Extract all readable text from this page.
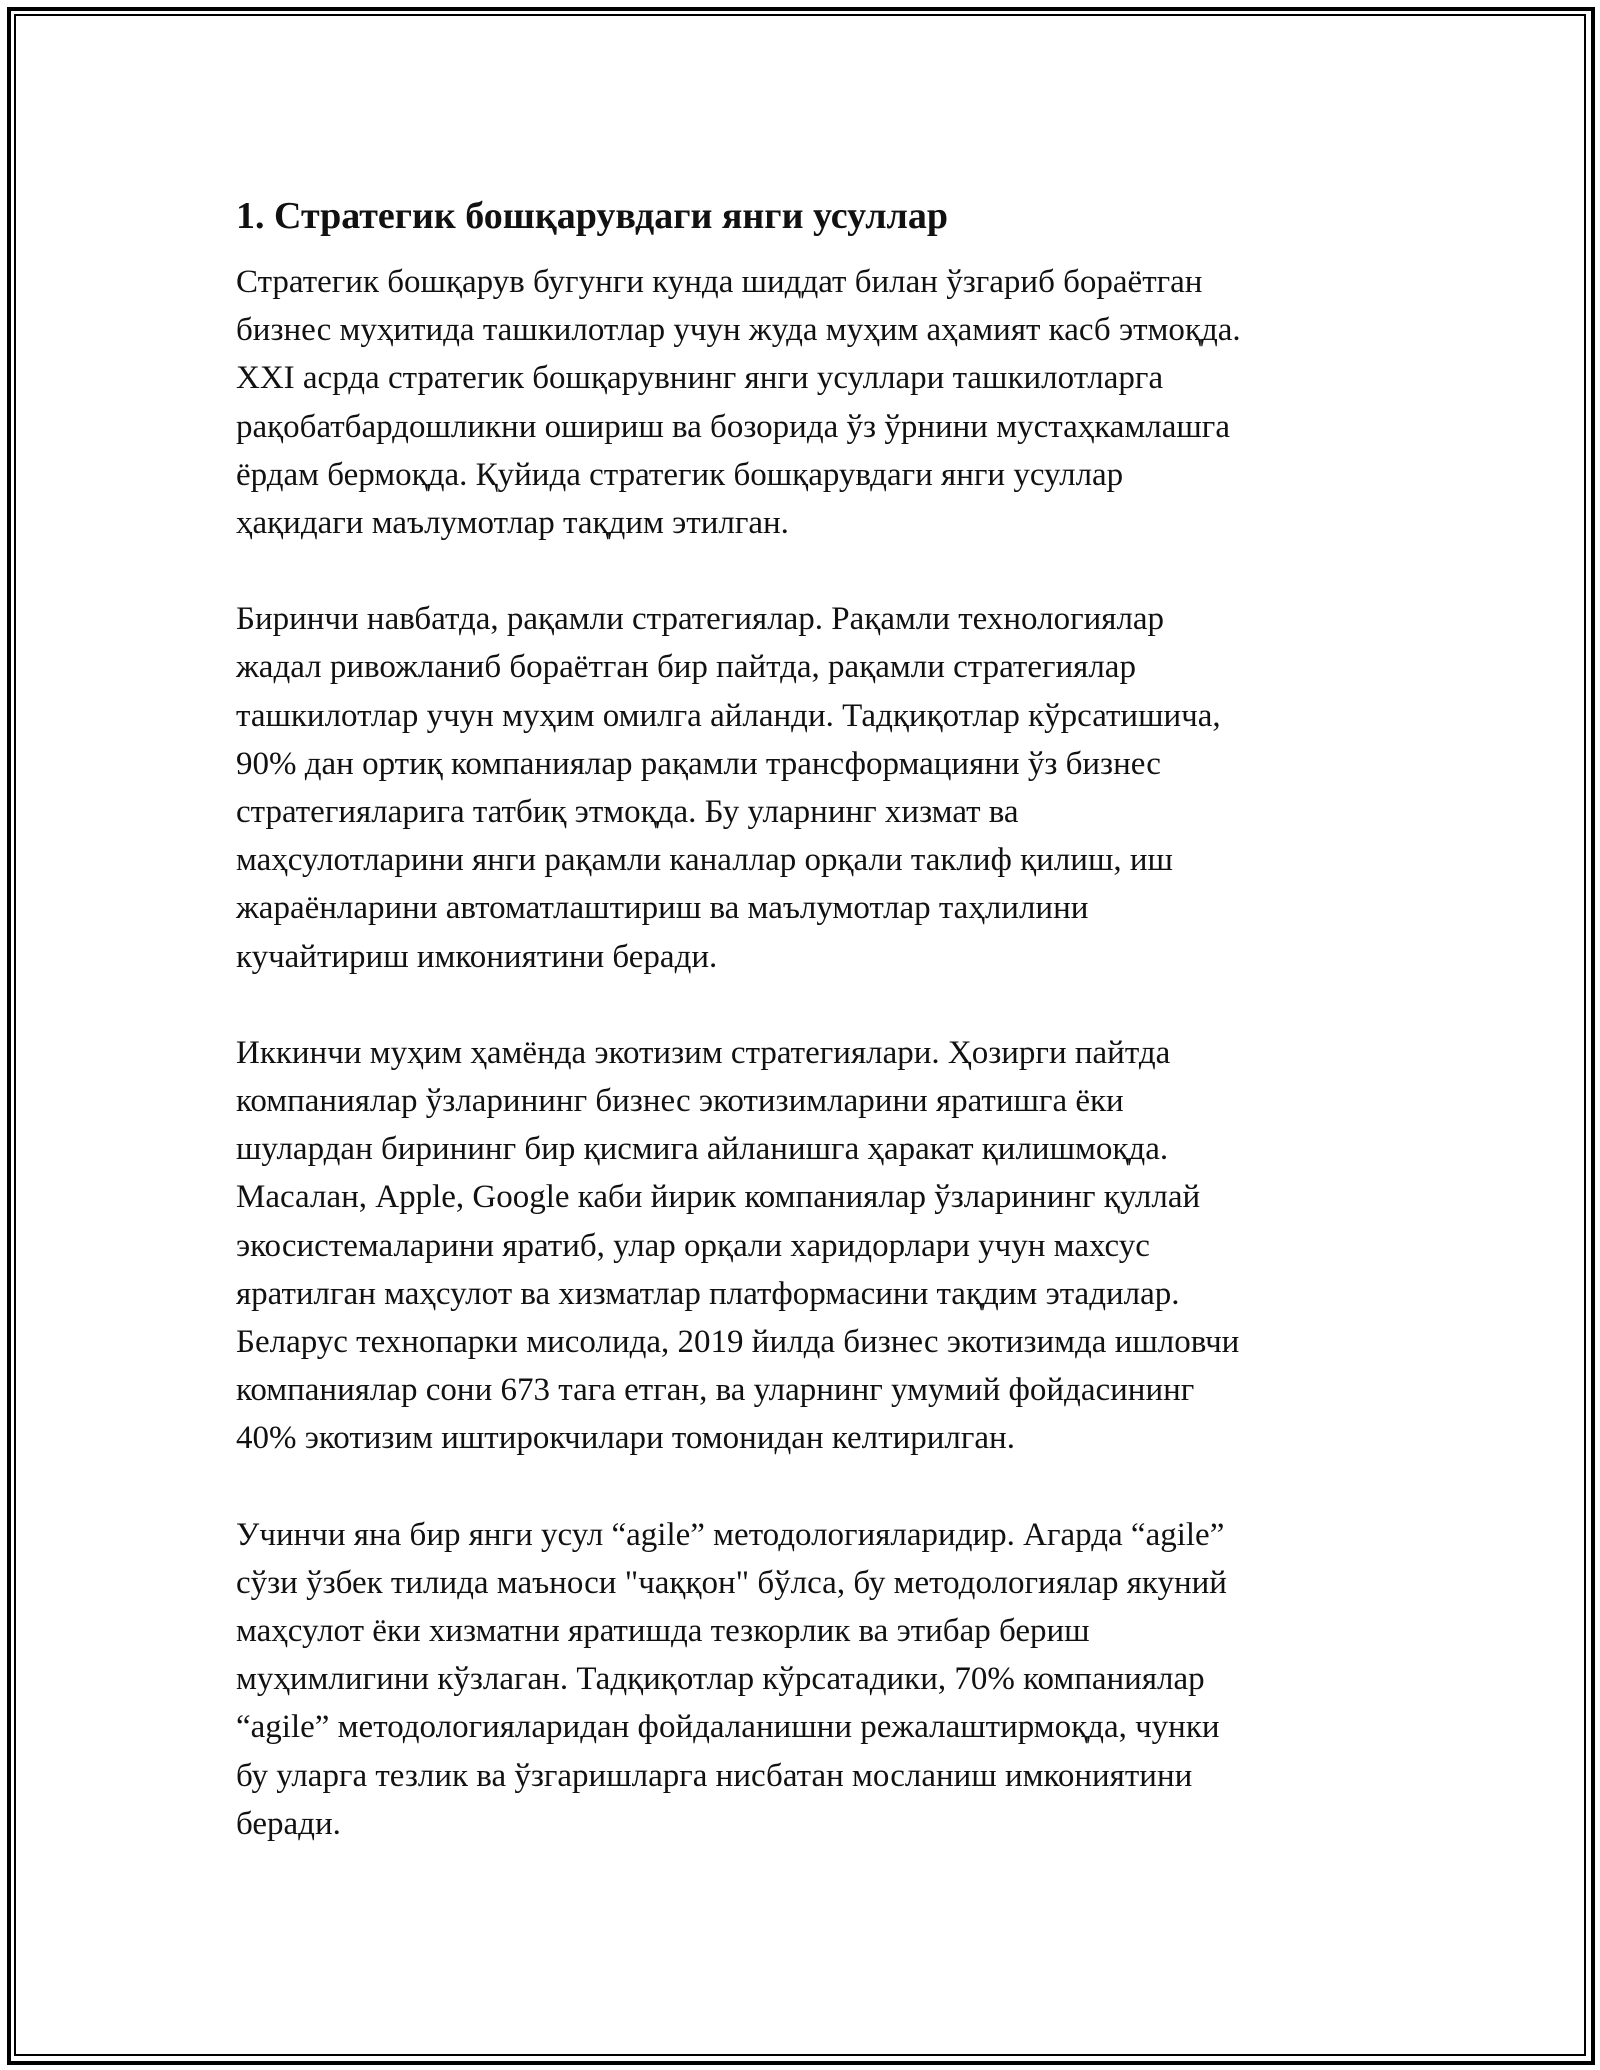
1. Стратегик бошқарувдаги янги усуллар

Стратегик бошқарув бугунги кунда шиддат билан ўзгариб бораётган
бизнес муҳитида ташкилотлар учун жуда муҳим аҳамият касб этмоқда.
XXI асрда стратегик бошқарувнинг янги усуллари ташкилотларга
рақобатбардошликни ошириш ва бозорида ўз ўрнини мустаҳкамлашга
ёрдам бермоқда. Қуйида стратегик бошқарувдаги янги усуллар
ҳақидаги маълумотлар тақдим этилган.

Биринчи навбатда, рақамли стратегиялар. Рақамли технологиялар
жадал ривожланиб бораётган бир пайтда, рақамли стратегиялар
ташкилотлар учун муҳим омилга айланди. Тадқиқотлар кўрсатишича,
90% дан ортиқ компаниялар рақамли трансформацияни ўз бизнес
стратегияларига татбиқ этмоқда. Бу уларнинг хизмат ва
маҳсулотларини янги рақамли каналлар орқали таклиф қилиш, иш
жараёнларини автоматлаштириш ва маълумотлар таҳлилини
кучайтириш имкониятини беради.

Иккинчи муҳим ҳамёнда экотизим стратегиялари. Ҳозирги пайтда
компаниялар ўзларининг бизнес экотизимларини яратишга ёки
шулардан бирининг бир қисмига айланишга ҳаракат қилишмоқда.
Масалан, Apple, Google каби йирик компаниялар ўзларининг қуллай
экосистемаларини яратиб, улар орқали харидорлари учун махсус
яратилган маҳсулот ва хизматлар платформасини тақдим этадилар.
Беларус технопарки мисолида, 2019 йилда бизнес экотизимда ишловчи
компаниялар сони 673 тага етган, ва уларнинг умумий фойдасининг
40% экотизим иштирокчилари томонидан келтирилган.

Учинчи яна бир янги усул “agile” методологияларидир. Агарда “agile”
сўзи ўзбек тилида маъноси "чаққон" бўлса, бу методологиялар якуний
маҳсулот ёки хизматни яратишда тезкорлик ва этибар бериш
муҳимлигини кўзлаган. Тадқиқотлар кўрсатадики, 70% компаниялар
“agile” методологияларидан фойдаланишни режалаштирмоқда, чунки
бу уларга тезлик ва ўзгаришларга нисбатан мосланиш имкониятини
беради.
